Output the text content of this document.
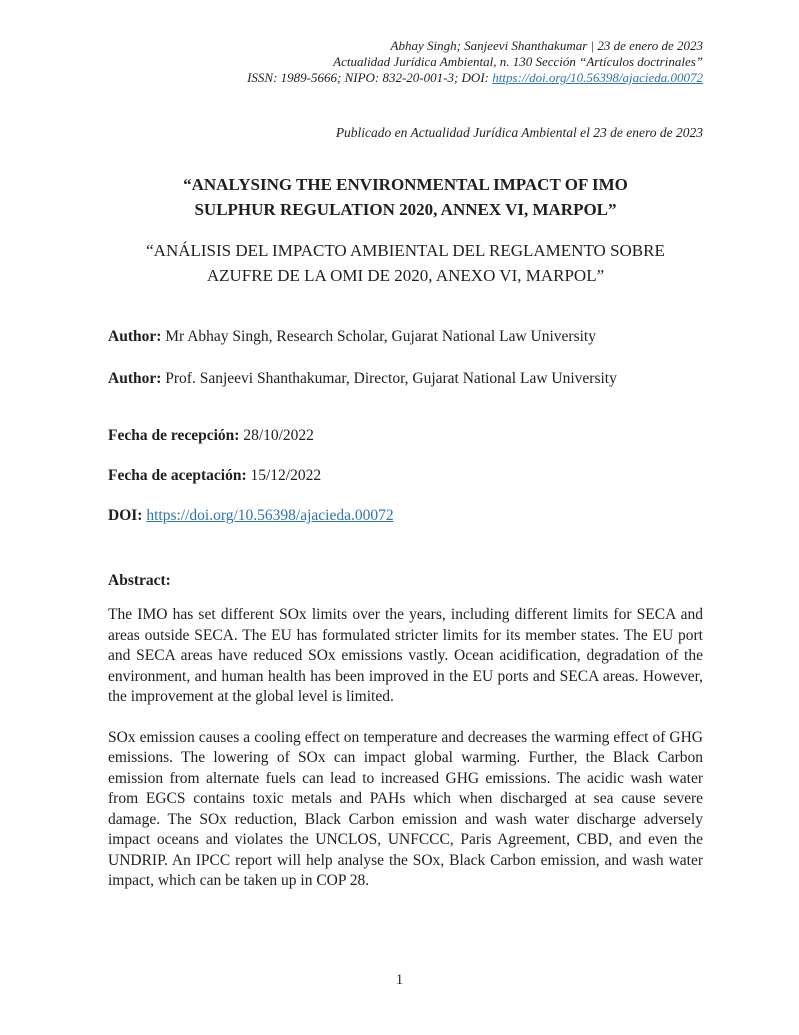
Abhay Singh; Sanjeevi Shanthakumar | 23 de enero de 2023
Actualidad Jurídica Ambiental, n. 130 Sección “Artículos doctrinales”
ISSN: 1989-5666; NIPO: 832-20-001-3; DOI: https://doi.org/10.56398/ajacieda.00072
Publicado en Actualidad Jurídica Ambiental el 23 de enero de 2023
“ANALYSING THE ENVIRONMENTAL IMPACT OF IMO
SULPHUR REGULATION 2020, ANNEX VI, MARPOL”
“ANÁLISIS DEL IMPACTO AMBIENTAL DEL REGLAMENTO SOBRE
AZUFRE DE LA OMI DE 2020, ANEXO VI, MARPOL”
Author: Mr Abhay Singh, Research Scholar, Gujarat National Law University
Author: Prof. Sanjeevi Shanthakumar, Director, Gujarat National Law University
Fecha de recepción: 28/10/2022
Fecha de aceptación: 15/12/2022
DOI: https://doi.org/10.56398/ajacieda.00072
Abstract:

The IMO has set different SOx limits over the years, including different limits for SECA and areas outside SECA. The EU has formulated stricter limits for its member states. The EU port and SECA areas have reduced SOx emissions vastly. Ocean acidification, degradation of the environment, and human health has been improved in the EU ports and SECA areas. However, the improvement at the global level is limited.

SOx emission causes a cooling effect on temperature and decreases the warming effect of GHG emissions. The lowering of SOx can impact global warming. Further, the Black Carbon emission from alternate fuels can lead to increased GHG emissions. The acidic wash water from EGCS contains toxic metals and PAHs which when discharged at sea cause severe damage. The SOx reduction, Black Carbon emission and wash water discharge adversely impact oceans and violates the UNCLOS, UNFCCC, Paris Agreement, CBD, and even the UNDRIP. An IPCC report will help analyse the SOx, Black Carbon emission, and wash water impact, which can be taken up in COP 28.

1
